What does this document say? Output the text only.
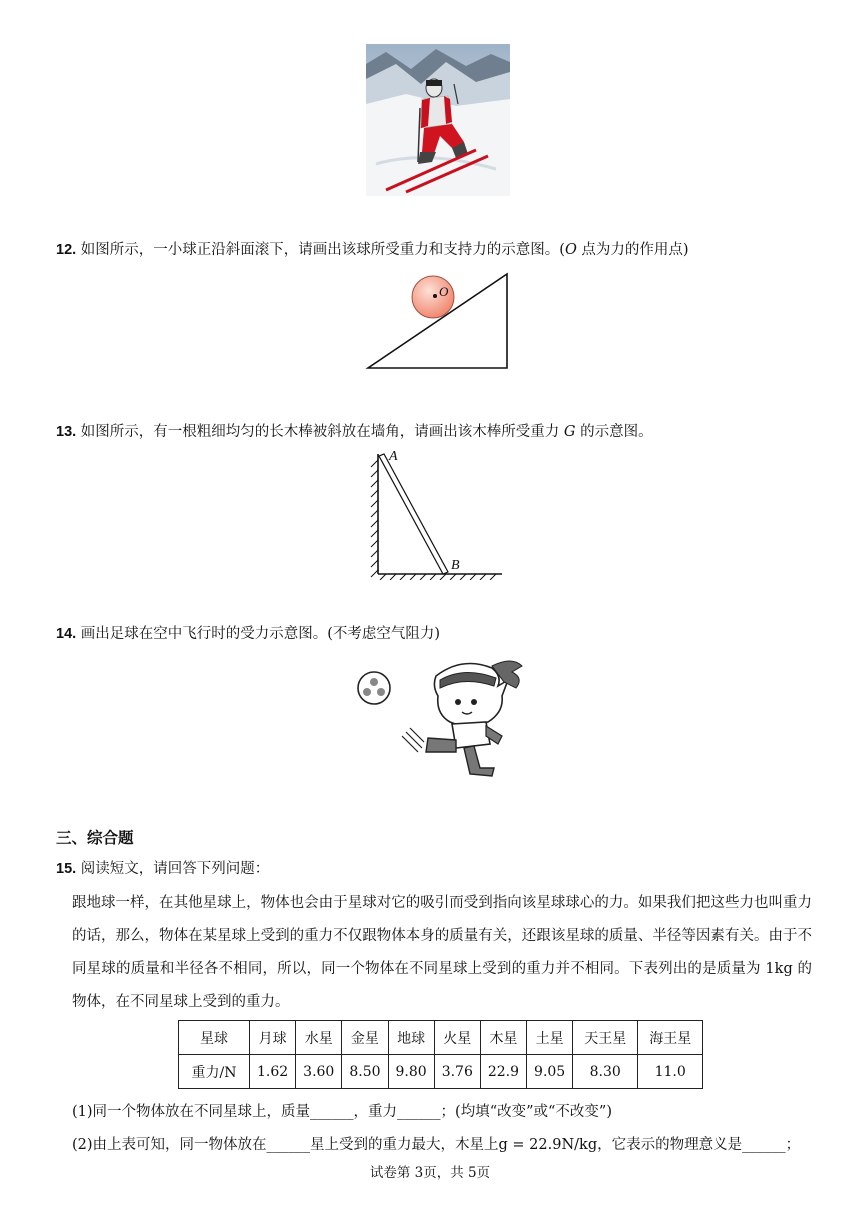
12. 如图所示，一小球正沿斜面滚下，请画出该球所受重力和支持力的示意图。(O 点为力的作用点)
O
13. 如图所示，有一根粗细均匀的长木棒被斜放在墙角，请画出该木棒所受重力 G 的示意图。
A
B
14. 画出足球在空中飞行时的受力示意图。(不考虑空气阻力)
三、综合题
15. 阅读短文，请回答下列问题：
跟地球一样，在其他星球上，物体也会由于星球对它的吸引而受到指向该星球球心的力。如果我们把这些力也叫重力的话，那么，物体在某星球上受到的重力不仅跟物体本身的质量有关，还跟该星球的质量、半径等因素有关。由于不同星球的质量和半径各不相同，所以，同一个物体在不同星球上受到的重力并不相同。下表列出的是质量为 1kg 的物体，在不同星球上受到的重力。
星球	月球	水星	金星	地球	火星	木星	土星	天王星	海王星
重力/N	1.62	3.60	8.50	9.80	3.76	22.9	9.05	8.30	11.0
(1)同一个物体放在不同星球上，质量______，重力______；(均填“改变”或“不改变”)
(2)由上表可知，同一物体放在______星上受到的重力最大，木星上g = 22.9N/kg，它表示的物理意义是______；
试卷第 3页，共 5页
